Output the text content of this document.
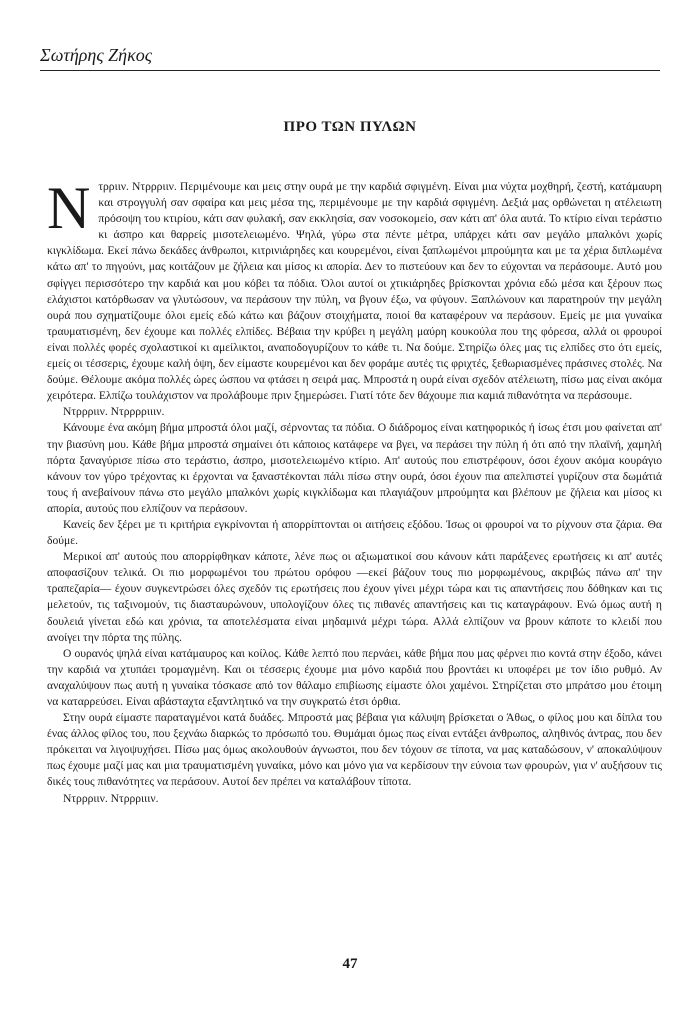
Σωτήρης Ζήκος
ΠΡΟ ΤΩΝ ΠΥΛΩΝ

Ντρριιν. Ντρρριιν. Περιμένουμε και μεις στην ουρά με την καρδιά σφιγμένη. Είναι μια νύχτα μοχθηρή, ζεστή, κατάμαυρη και στρογγυλή σαν σφαίρα και μεις μέσα της, περιμένουμε με την καρδιά σφιγμένη. Δεξιά μας ορθώνεται η ατέλειωτη πρόσοψη του κτιρίου, κάτι σαν φυλακή, σαν εκκλησία, σαν νοσοκομείο, σαν κάτι απ' όλα αυτά. Το κτίριο είναι τεράστιο κι άσπρο και θαρρείς μισοτελειωμένο. Ψηλά, γύρω στα πέντε μέτρα, υπάρχει κάτι σαν μεγάλο μπαλκόνι χωρίς κιγκλίδωμα. Εκεί πάνω δεκάδες άνθρωποι, κιτρινιάρηδες και κουρεμένοι, είναι ξαπλωμένοι μπρούμητα και με τα χέρια διπλωμένα κάτω απ' το πηγούνι, μας κοιτάζουν με ζήλεια και μίσος κι απορία. Δεν το πιστεύουν και δεν το εύχονται να περάσουμε. Αυτό μου σφίγγει περισσότερο την καρδιά και μου κόβει τα πόδια. Όλοι αυτοί οι χτικιάρηδες βρίσκονται χρόνια εδώ μέσα και ξέρουν πως ελάχιστοι κατόρθωσαν να γλυτώσουν, να περάσουν την πύλη, να βγουν έξω, να φύγουν. Ξαπλώνουν και παρατηρούν την μεγάλη ουρά που σχηματίζουμε όλοι εμείς εδώ κάτω και βάζουν στοιχήματα, ποιοί θα καταφέρουν να περάσουν. Εμείς με μια γυναίκα τραυματισμένη, δεν έχουμε και πολλές ελπίδες. Βέβαια την κρύβει η μεγάλη μαύρη κουκούλα που της φόρεσα, αλλά οι φρουροί είναι πολλές φορές σχολαστικοί κι αμείλικτοι, αναποδογυρίζουν το κάθε τι. Να δούμε. Στηρίζω όλες μας τις ελπίδες στο ότι εμείς, εμείς οι τέσσερις, έχουμε καλή όψη, δεν είμαστε κουρεμένοι και δεν φοράμε αυτές τις φριχτές, ξεθωριασμένες πράσινες στολές. Να δούμε. Θέλουμε ακόμα πολλές ώρες ώσπου να φτάσει η σειρά μας. Μπροστά η ουρά είναι σχεδόν ατέλειωτη, πίσω μας είναι ακόμα χειρότερα. Ελπίζω τουλάχιστον να προλάβουμε πριν ξημερώσει. Γιατί τότε δεν θάχουμε πια καμιά πιθανότητα να περάσουμε.

Ντρρριιν. Ντρρρριιιν.

Κάνουμε ένα ακόμη βήμα μπροστά όλοι μαζί, σέρνοντας τα πόδια. Ο διάδρομος είναι κατηφορικός ή ίσως έτσι μου φαίνεται απ' την βιασύνη μου. Κάθε βήμα μπροστά σημαίνει ότι κάποιος κατάφερε να βγει, να περάσει την πύλη ή ότι από την πλαϊνή, χαμηλή πόρτα ξαναγύρισε πίσω στο τεράστιο, άσπρο, μισοτελειωμένο κτίριο. Απ' αυτούς που επιστρέφουν, όσοι έχουν ακόμα κουράγιο κάνουν τον γύρο τρέχοντας κι έρχονται να ξαναστέκονται πάλι πίσω στην ουρά, όσοι έχουν πια απελπιστεί γυρίζουν στα δωμάτιά τους ή ανεβαίνουν πάνω στο μεγάλο μπαλκόνι χωρίς κιγκλίδωμα και πλαγιάζουν μπρούμητα και βλέπουν με ζήλεια και μίσος κι απορία, αυτούς που ελπίζουν να περάσουν.

Κανείς δεν ξέρει με τι κριτήρια εγκρίνονται ή απορρίπτονται οι αιτήσεις εξόδου. Ίσως οι φρουροί να το ρίχνουν στα ζάρια. Θα δούμε.

Μερικοί απ' αυτούς που απορρίφθηκαν κάποτε, λένε πως οι αξιωματικοί σου κάνουν κάτι παράξενες ερωτήσεις κι απ' αυτές αποφασίζουν τελικά. Οι πιο μορφωμένοι του πρώτου ορόφου —εκεί βάζουν τους πιο μορφωμένους, ακριβώς πάνω απ' την τραπεζαρία— έχουν συγκεντρώσει όλες σχεδόν τις ερωτήσεις που έχουν γίνει μέχρι τώρα και τις απαντήσεις που δόθηκαν και τις μελετούν, τις ταξινομούν, τις διασταυρώνουν, υπολογίζουν όλες τις πιθανές απαντήσεις και τις καταγράφουν. Ενώ όμως αυτή η δουλειά γίνεται εδώ και χρόνια, τα αποτελέσματα είναι μηδαμινά μέχρι τώρα. Αλλά ελπίζουν να βρουν κάποτε το κλειδί που ανοίγει την πόρτα της πύλης.

Ο ουρανός ψηλά είναι κατάμαυρος και κοίλος. Κάθε λεπτό που περνάει, κάθε βήμα που μας φέρνει πιο κοντά στην έξοδο, κάνει την καρδιά να χτυπάει τρομαγμένη. Και οι τέσσερις έχουμε μια μόνο καρδιά που βροντάει κι υποφέρει με τον ίδιο ρυθμό. Αν αναχαλύψουν πως αυτή η γυναίκα τόσκασε από τον θάλαμο επιβίωσης είμαστε όλοι χαμένοι. Στηρίζεται στο μπράτσο μου έτοιμη να καταρρεύσει. Είναι αβάσταχτα εξαντλητικό να την συγκρατώ έτσι όρθια.

Στην ουρά είμαστε παραταγμένοι κατά δυάδες. Μπροστά μας βέβαια για κάλυψη βρίσκεται ο Άθως, ο φίλος μου και δίπλα του ένας άλλος φίλος του, που ξεχνάω διαρκώς το πρόσωπό του. Θυμάμαι όμως πως είναι εντάξει άνθρωπος, αληθινός άντρας, που δεν πρόκειται να λιγοψυχήσει. Πίσω μας όμως ακολουθούν άγνωστοι, που δεν τόχουν σε τίποτα, να μας καταδώσουν, ν' αποκαλύψουν πως έχουμε μαζί μας και μια τραυματισμένη γυναίκα, μόνο και μόνο για να κερδίσουν την εύνοια των φρουρών, για ν' αυξήσουν τις δικές τους πιθανότητες να περάσουν. Αυτοί δεν πρέπει να καταλάβουν τίποτα.

Ντρρριιν. Ντρρριιιν.

47
